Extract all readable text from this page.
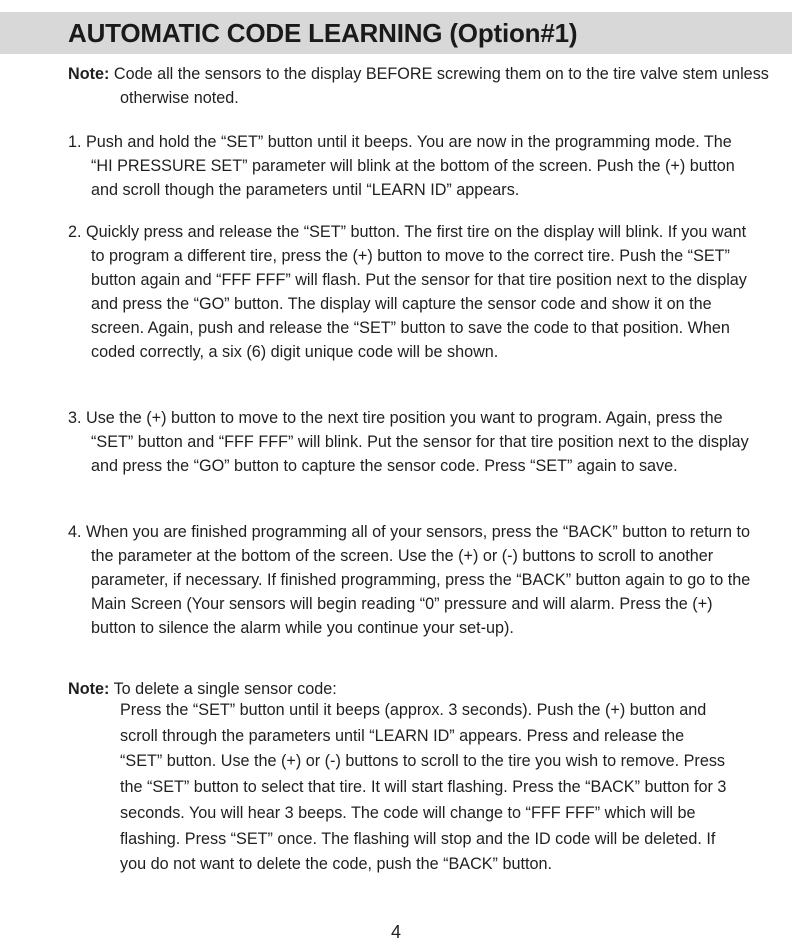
AUTOMATIC CODE LEARNING (Option#1)
Note: Code all the sensors to the display BEFORE screwing them on to the tire valve stem unless otherwise noted.

1. Push and hold the “SET” button until it beeps. You are now in the programming mode. The “HI PRESSURE SET” parameter will blink at the bottom of the screen. Push the (+) button and scroll though the parameters until “LEARN ID” appears.

2. Quickly press and release the “SET” button. The first tire on the display will blink. If you want to program a different tire, press the (+) button to move to the correct tire. Push the “SET” button again and “FFF FFF” will flash. Put the sensor for that tire position next to the display and press the “GO” button. The display will capture the sensor code and show it on the screen. Again, push and release the “SET” button to save the code to that position. When coded correctly, a six (6) digit unique code will be shown.

3. Use the (+) button to move to the next tire position you want to program. Again, press the “SET” button and “FFF FFF” will blink. Put the sensor for that tire position next to the display and press the “GO” button to capture the sensor code. Press “SET” again to save.

4. When you are finished programming all of your sensors, press the “BACK” button to return to the parameter at the bottom of the screen. Use the (+) or (-) buttons to scroll to another parameter, if necessary. If finished programming, press the “BACK” button again to go to the Main Screen (Your sensors will begin reading “0” pressure and will alarm. Press the (+) button to silence the alarm while you continue your set-up).

Note: To delete a single sensor code:

Press the “SET” button until it beeps (approx. 3 seconds). Push the (+) button and scroll through the parameters until “LEARN ID” appears. Press and release the “SET” button. Use the (+) or (-) buttons to scroll to the tire you wish to remove. Press the “SET” button to select that tire. It will start flashing. Press the “BACK” button for 3 seconds. You will hear 3 beeps. The code will change to “FFF FFF” which will be flashing. Press “SET” once. The flashing will stop and the ID code will be deleted. If you do not want to delete the code, push the “BACK” button.

4
